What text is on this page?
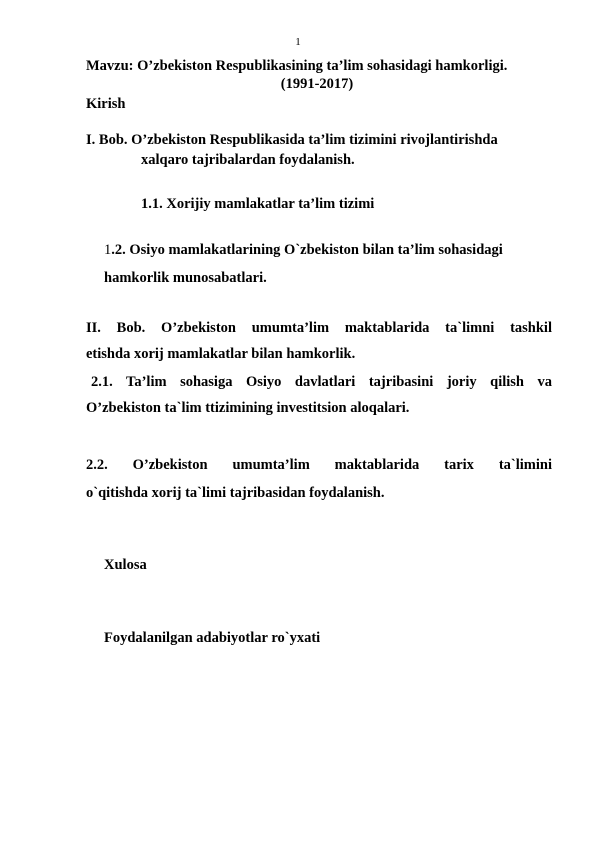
1
Mavzu: O’zbekiston Respublikasining ta’lim sohasidagi hamkorligi.
(1991-2017)
Kirish
I. Bob. O’zbekiston Respublikasida ta’lim tizimini rivojlantirishda
xalqaro tajribalardan foydalanish.
1.1. Xorijiy mamlakatlar ta’lim tizimi
1.2. Osiyo mamlakatlarining O`zbekiston bilan ta’lim sohasidagi
hamkorlik munosabatlari.
II. Bob. O’zbekiston umumta’lim maktablarida ta`limni tashkil
etishda xorij mamlakatlar bilan hamkorlik.
2.1. Ta’lim sohasiga Osiyo davlatlari tajribasini joriy qilish va
O’zbekiston ta`lim ttizimining investitsion aloqalari.
2.2. O’zbekiston umumta’lim maktablarida tarix ta`limini
o`qitishda xorij ta`limi tajribasidan foydalanish.
Xulosa
Foydalanilgan adabiyotlar ro`yxati
